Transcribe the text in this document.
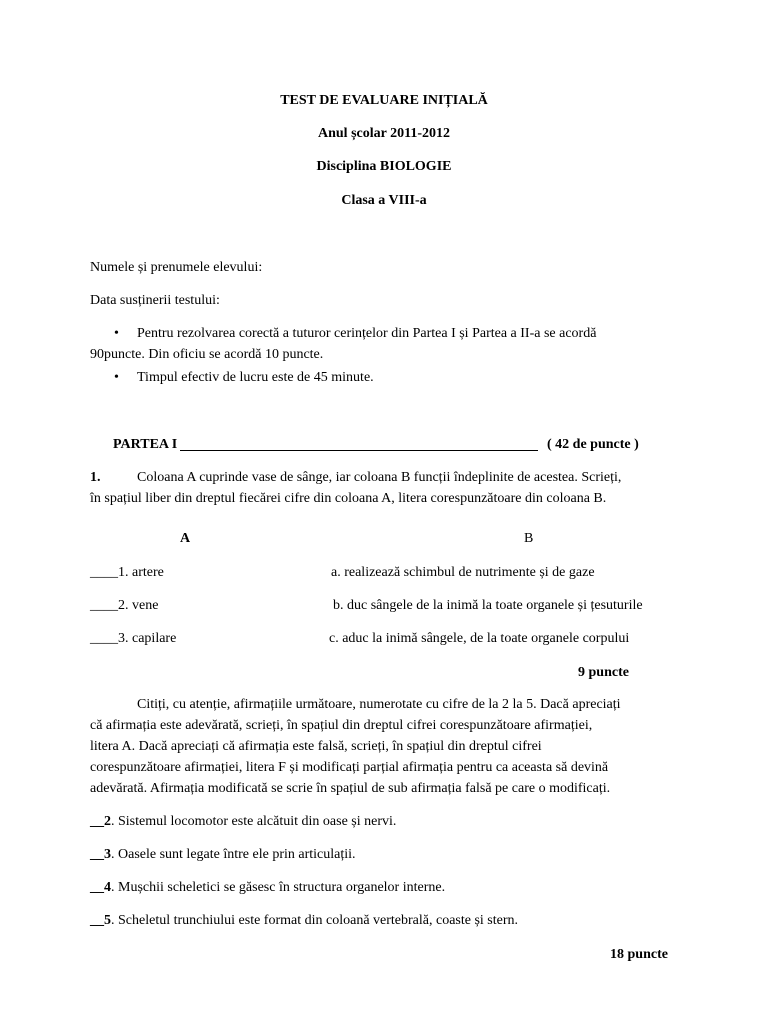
TEST DE EVALUARE INIȚIALĂ
Anul școlar 2011-2012
Disciplina BIOLOGIE
Clasa a VIII-a
Numele și prenumele elevului:
Data susținerii testului:
• Pentru rezolvarea corectă a tuturor cerințelor din Partea I și Partea a II-a se acordă
90puncte. Din oficiu se acordă 10 puncte.
• Timpul efectiv de lucru este de 45 minute.
PARTEA I	( 42 de puncte )
1.	Coloana A cuprinde vase de sânge, iar coloana B funcții îndeplinite de acestea. Scrieți,
în spațiul liber din dreptul fiecărei cifre din coloana A, litera corespunzătoare din coloana B.
A	B
____1. artere	a. realizează schimbul de nutrimente și de gaze
____2. vene	b. duc sângele de la inimă la toate organele și țesuturile
____3. capilare	c. aduc la inimă sângele, de la toate organele corpului
9 puncte
Citiți, cu atenție, afirmațiile următoare, numerotate cu cifre de la 2 la 5. Dacă apreciați
că afirmația este adevărată, scrieți, în spațiul din dreptul cifrei corespunzătoare afirmației,
litera A. Dacă apreciați că afirmația este falsă, scrieți, în spațiul din dreptul cifrei
corespunzătoare afirmației, litera F și modificați parțial afirmația pentru ca aceasta să devină
adevărată. Afirmația modificată se scrie în spațiul de sub afirmația falsă pe care o modificați.
__2. Sistemul locomotor este alcătuit din oase și nervi.
__3. Oasele sunt legate între ele prin articulații.
__4. Mușchii scheletici se găsesc în structura organelor interne.
__5. Scheletul trunchiului este format din coloană vertebrală, coaste și stern.
18 puncte
